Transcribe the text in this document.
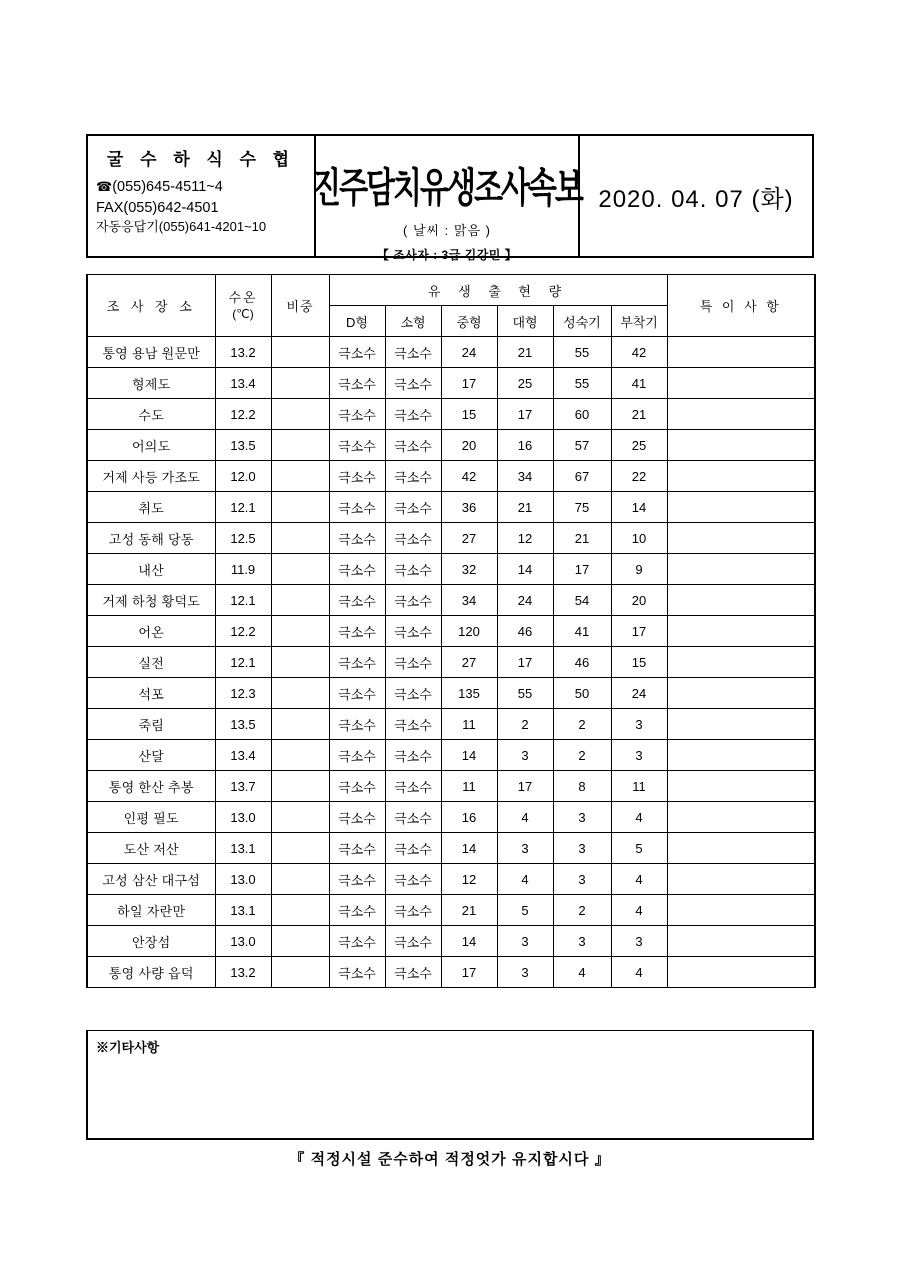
굴 수 하 식 수 협
☎(055)645-4511~4
FAX(055)642-4501
자동응답기(055)641-4201~10
진주담치유생조사속보
( 날씨 : 맑음 )
【 조사자 : 3급 김강민 】
2020. 04. 07 (화)
조 사 장 소	수온
(℃)	비중	유 생 출 현 량						특 이 사 항
			D형	소형	중형	대형	성숙기	부착기	
통영 용남 원문만	13.2		극소수	극소수	24	21	55	42	
형제도	13.4		극소수	극소수	17	25	55	41	
수도	12.2		극소수	극소수	15	17	60	21	
어의도	13.5		극소수	극소수	20	16	57	25	
거제 사등 가조도	12.0		극소수	극소수	42	34	67	22	
취도	12.1		극소수	극소수	36	21	75	14	
고성 동해 당동	12.5		극소수	극소수	27	12	21	10	
내산	11.9		극소수	극소수	32	14	17	9	
거제 하청 황덕도	12.1		극소수	극소수	34	24	54	20	
어온	12.2		극소수	극소수	120	46	41	17	
실전	12.1		극소수	극소수	27	17	46	15	
석포	12.3		극소수	극소수	135	55	50	24	
죽림	13.5		극소수	극소수	11	2	2	3	
산달	13.4		극소수	극소수	14	3	2	3	
통영 한산 추봉	13.7		극소수	극소수	11	17	8	11	
인평 필도	13.0		극소수	극소수	16	4	3	4	
도산 저산	13.1		극소수	극소수	14	3	3	5	
고성 삼산 대구섬	13.0		극소수	극소수	12	4	3	4	
하일 자란만	13.1		극소수	극소수	21	5	2	4	
안장섬	13.0		극소수	극소수	14	3	3	3	
통영 사량 읍덕	13.2		극소수	극소수	17	3	4	4	
※기타사항
『 적정시설 준수하여 적정엇가 유지합시다 』
